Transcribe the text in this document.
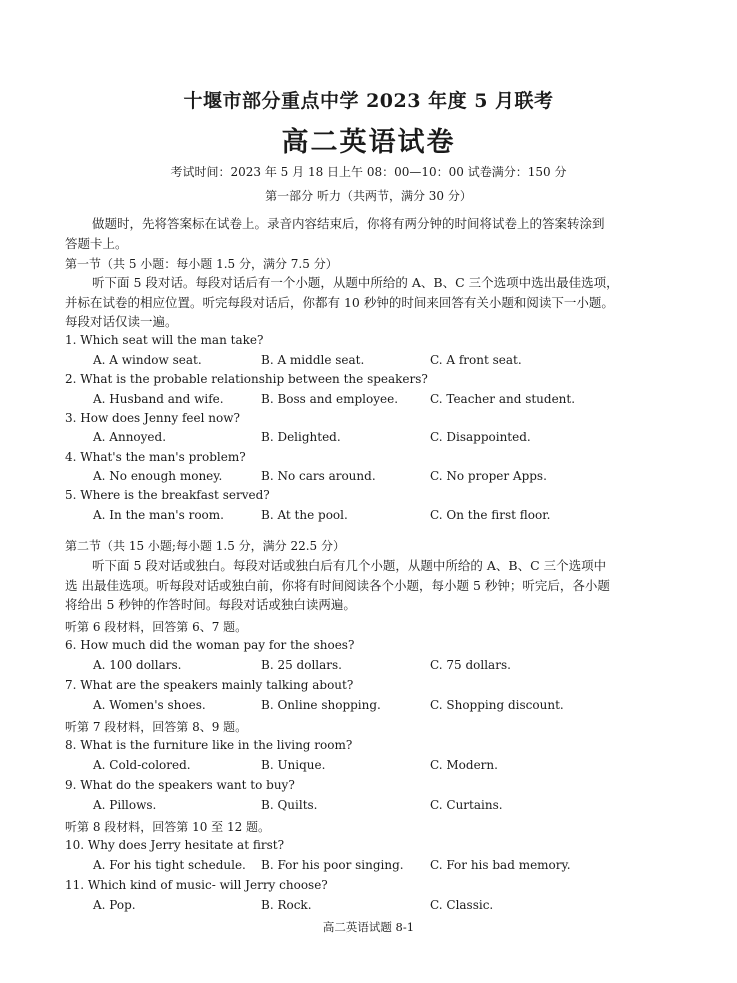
十堰市部分重点中学 2023 年度 5 月联考
高二英语试卷
考试时间：2023 年 5 月 18 日上午 08：00—10：00 试卷满分：150 分
第一部分 听力（共两节，满分 30 分）
做题时，先将答案标在试卷上。录音内容结束后，你将有两分钟的时间将试卷上的答案转涂到
答题卡上。
第一节（共 5 小题：每小题 1.5 分，满分 7.5 分）
听下面 5 段对话。每段对话后有一个小题，从题中所给的 A、B、C 三个选项中选出最佳选项，
并标在试卷的相应位置。听完每段对话后，你都有 10 秒钟的时间来回答有关小题和阅读下一小题。
每段对话仅读一遍。
1. Which seat will the man take?
A. A window seat.	B. A middle seat.	C. A front seat.
2. What is the probable relationship between the speakers?
A. Husband and wife.	B. Boss and employee.	C. Teacher and student.
3. How does Jenny feel now?
A. Annoyed.	B. Delighted.	C. Disappointed.
4. What's the man's problem?
A. No enough money.	B. No cars around.	C. No proper Apps.
5. Where is the breakfast served?
A. In the man's room.	B. At the pool.	C. On the first floor.
第二节（共 15 小题;每小题 1.5 分，满分 22.5 分）
听下面 5 段对话或独白。每段对话或独白后有几个小题，从题中所给的 A、B、C 三个选项中
选 出最佳选项。听每段对话或独白前，你将有时间阅读各个小题，每小题 5 秒钟；听完后，各小题
将给出 5 秒钟的作答时间。每段对话或独白读两遍。
听第 6 段材料，回答第 6、7 题。
6. How much did the woman pay for the shoes?
A. 100 dollars.	B. 25 dollars.	C. 75 dollars.
7. What are the speakers mainly talking about?
A. Women's shoes.	B. Online shopping.	C. Shopping discount.
听第 7 段材料，回答第 8、9 题。
8. What is the furniture like in the living room?
A. Cold-colored.	B. Unique.	C. Modern.
9. What do the speakers want to buy?
A. Pillows.	B. Quilts.	C. Curtains.
听第 8 段材料，回答第 10 至 12 题。
10. Why does Jerry hesitate at first?
A. For his tight schedule. B. For his poor singing. C. For his bad memory.
11. Which kind of music- will Jerry choose?
A. Pop.	B. Rock.	C. Classic.
高二英语试题 8-1
